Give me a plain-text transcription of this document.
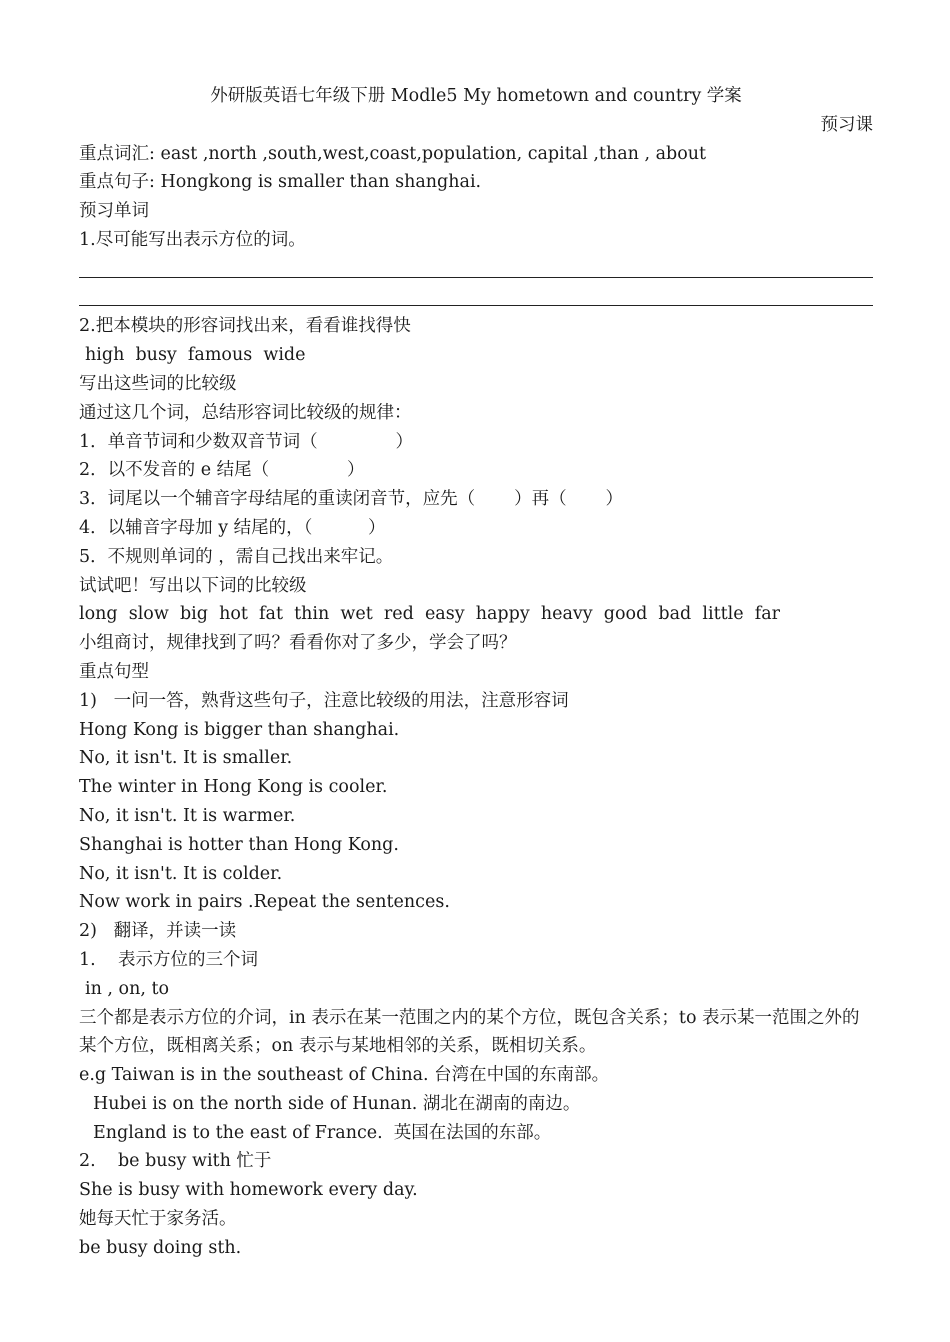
外研版英语七年级下册 Modle5 My hometown and country 学案
预习课
重点词汇: east ,north ,south,west,coast,population, capital ,than , about
重点句子: Hongkong is smaller than shanghai.
预习单词
1.尽可能写出表示方位的词。
2.把本模块的形容词找出来，看看谁找得快
high  busy  famous  wide
写出这些词的比较级
通过这几个词，总结形容词比较级的规律：
1．单音节词和少数双音节词（              ）
2．以不发音的 e 结尾（              ）
3．词尾以一个辅音字母结尾的重读闭音节，应先（       ）再（       ）
4．以辅音字母加 y 结尾的，（          ）
5．不规则单词的 ，需自己找出来牢记。
试试吧！写出以下词的比较级
long  slow  big  hot  fat  thin  wet  red  easy  happy  heavy  good  bad  little  far
小组商讨，规律找到了吗？看看你对了多少，学会了吗？
重点句型
1)   一问一答，熟背这些句子，注意比较级的用法，注意形容词
Hong Kong is bigger than shanghai.
No, it isn't. It is smaller.
The winter in Hong Kong is cooler.
No, it isn't. It is warmer.
Shanghai is hotter than Hong Kong.
No, it isn't. It is colder.
Now work in pairs .Repeat the sentences.
2)   翻译，并读一读
1.    表示方位的三个词
in , on, to
三个都是表示方位的介词，in 表示在某一范围之内的某个方位，既包含关系；to 表示某一范围之外的某个方位，既相离关系；on 表示与某地相邻的关系，既相切关系。
e.g Taiwan is in the southeast of China. 台湾在中国的东南部。
Hubei is on the north side of Hunan. 湖北在湖南的南边。
England is to the east of France.  英国在法国的东部。
2.    be busy with 忙于
She is busy with homework every day.
她每天忙于家务活。
be busy doing sth.
